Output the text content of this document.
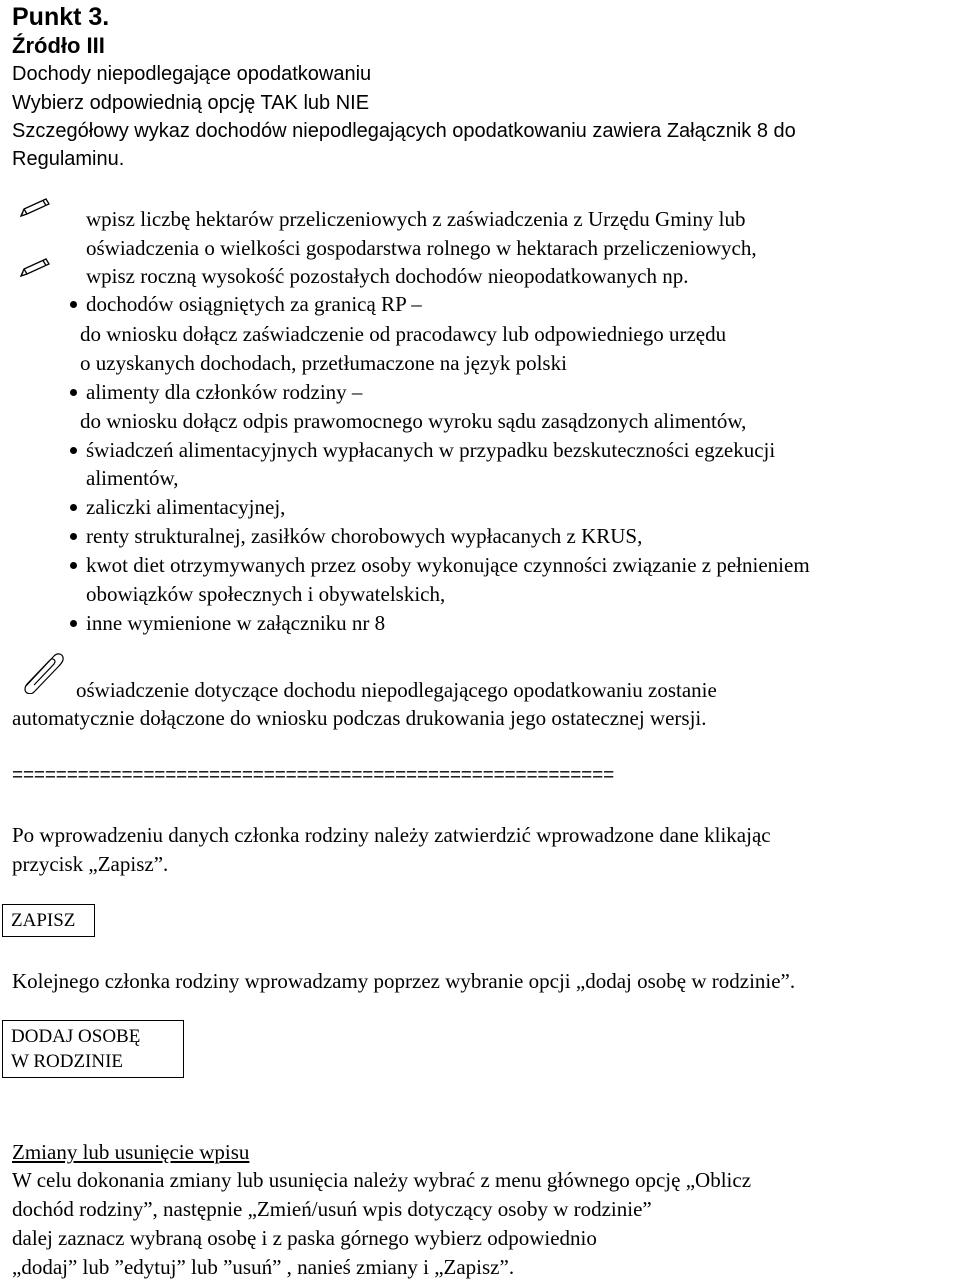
Punkt 3.
Źródło III
Dochody niepodlegające opodatkowaniu
Wybierz odpowiednią opcję TAK lub NIE
Szczegółowy wykaz dochodów niepodlegających opodatkowaniu zawiera Załącznik 8 do
Regulaminu.
wpisz liczbę hektarów przeliczeniowych z zaświadczenia z Urzędu Gminy lub
oświadczenia o wielkości gospodarstwa rolnego w hektarach przeliczeniowych,
wpisz roczną wysokość pozostałych dochodów nieopodatkowanych np.
dochodów osiągniętych za granicą RP –
do wniosku dołącz zaświadczenie od pracodawcy lub odpowiedniego urzędu
o uzyskanych dochodach, przetłumaczone na język polski
alimenty dla członków rodziny –
do wniosku dołącz odpis prawomocnego wyroku sądu zasądzonych alimentów,
świadczeń alimentacyjnych wypłacanych w przypadku bezskuteczności egzekucji
alimentów,
zaliczki alimentacyjnej,
renty strukturalnej, zasiłków chorobowych wypłacanych z KRUS,
kwot diet otrzymywanych przez osoby wykonujące czynności związanie z pełnieniem
obowiązków społecznych i obywatelskich,
inne wymienione w załączniku nr 8
oświadczenie dotyczące dochodu niepodlegającego opodatkowaniu zostanie
automatycznie dołączone do wniosku podczas drukowania jego ostatecznej wersji.
=======================================================
Po wprowadzeniu danych członka rodziny należy zatwierdzić wprowadzone dane klikając
przycisk „Zapisz”.
ZAPISZ
Kolejnego członka rodziny wprowadzamy poprzez wybranie opcji „dodaj osobę w rodzinie”.
DODAJ OSOBĘ
W RODZINIE
Zmiany lub usunięcie wpisu
W celu dokonania zmiany lub usunięcia należy wybrać z menu głównego opcję „Oblicz
dochód rodziny”, następnie „Zmień/usuń wpis dotyczący osoby w rodzinie”
dalej zaznacz wybraną osobę i z paska górnego wybierz odpowiednio
„dodaj” lub ”edytuj” lub ”usuń” , nanieś zmiany i „Zapisz”.
